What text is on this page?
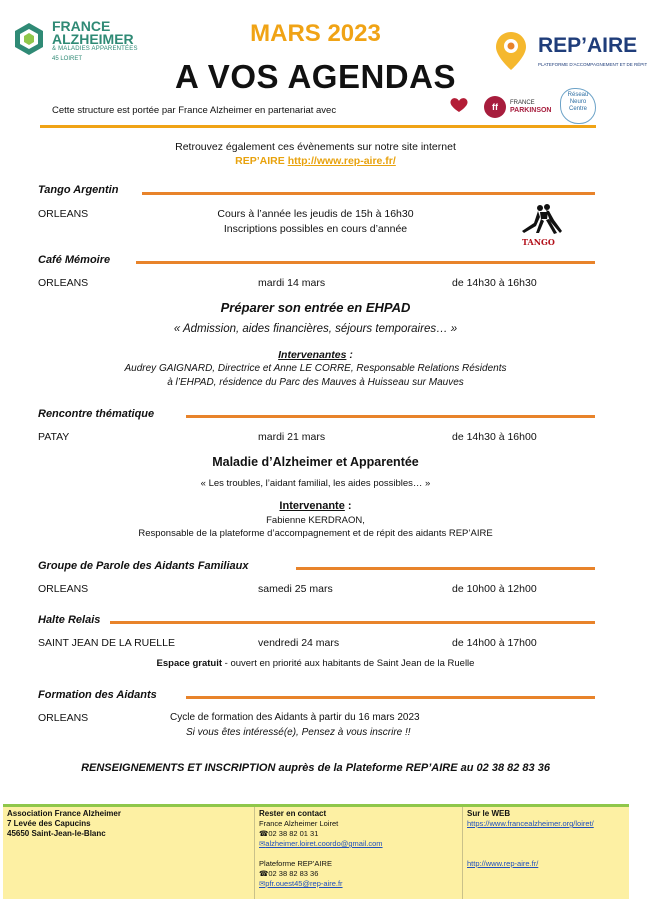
FRANCE
ALZHEIMER
& MALADIES APPARENTÉES
45 LOIRET
MARS 2023
A VOS AGENDAS
REP’AIRE
PLATEFORME D'ACCOMPAGNEMENT ET DE RÉPIT
Cette structure est portée par France Alzheimer en partenariat avec	ff	FRANCE
PARKINSON
Réseau
Neuro
Centre
Retrouvez également ces évènements sur notre site internet
REP’AIRE http://www.rep-aire.fr/
Tango Argentin
ORLEANS	Cours à l’année les jeudis de 15h à 16h30
Inscriptions possibles en cours d’année
TANGO
Café Mémoire
ORLEANS	mardi 14 mars	de 14h30 à 16h30
Préparer son entrée en EHPAD
« Admission, aides financières, séjours temporaires… »
Intervenantes :
Audrey GAIGNARD, Directrice et Anne LE CORRE, Responsable Relations Résidents
à l’EHPAD, résidence du Parc des Mauves à Huisseau sur Mauves
Rencontre thématique
PATAY	mardi 21 mars	de 14h30 à 16h00
Maladie d’Alzheimer et Apparentée
« Les troubles, l’aidant familial, les aides possibles… »
Intervenante :
Fabienne KERDRAON,
Responsable de la plateforme d’accompagnement et de répit des aidants REP’AIRE
Groupe de Parole des Aidants Familiaux
ORLEANS	samedi 25 mars	de 10h00 à 12h00
Halte Relais
SAINT JEAN DE LA RUELLE	vendredi 24 mars	de 14h00 à 17h00
Espace gratuit - ouvert en priorité aux habitants de Saint Jean de la Ruelle
Formation des Aidants
ORLEANS	Cycle de formation des Aidants à partir du 16 mars 2023
Si vous êtes intéressé(e), Pensez à vous inscrire !!
RENSEIGNEMENTS ET INSCRIPTION auprès de la Plateforme REP’AIRE au 02 38 82 83 36
Association France Alzheimer
7 Levée des Capucins
45650 Saint-Jean-le-Blanc
Rester en contact
France Alzheimer Loiret
☎ 02 38 82 01 31
✉ alzheimer.loiret.coordo@gmail.com
Plateforme REP’AIRE
☎ 02 38 82 83 36
✉ pfr.ouest45@rep-aire.fr
Sur le WEB
https://www.francealzheimer.org/loiret/
http://www.rep-aire.fr/
